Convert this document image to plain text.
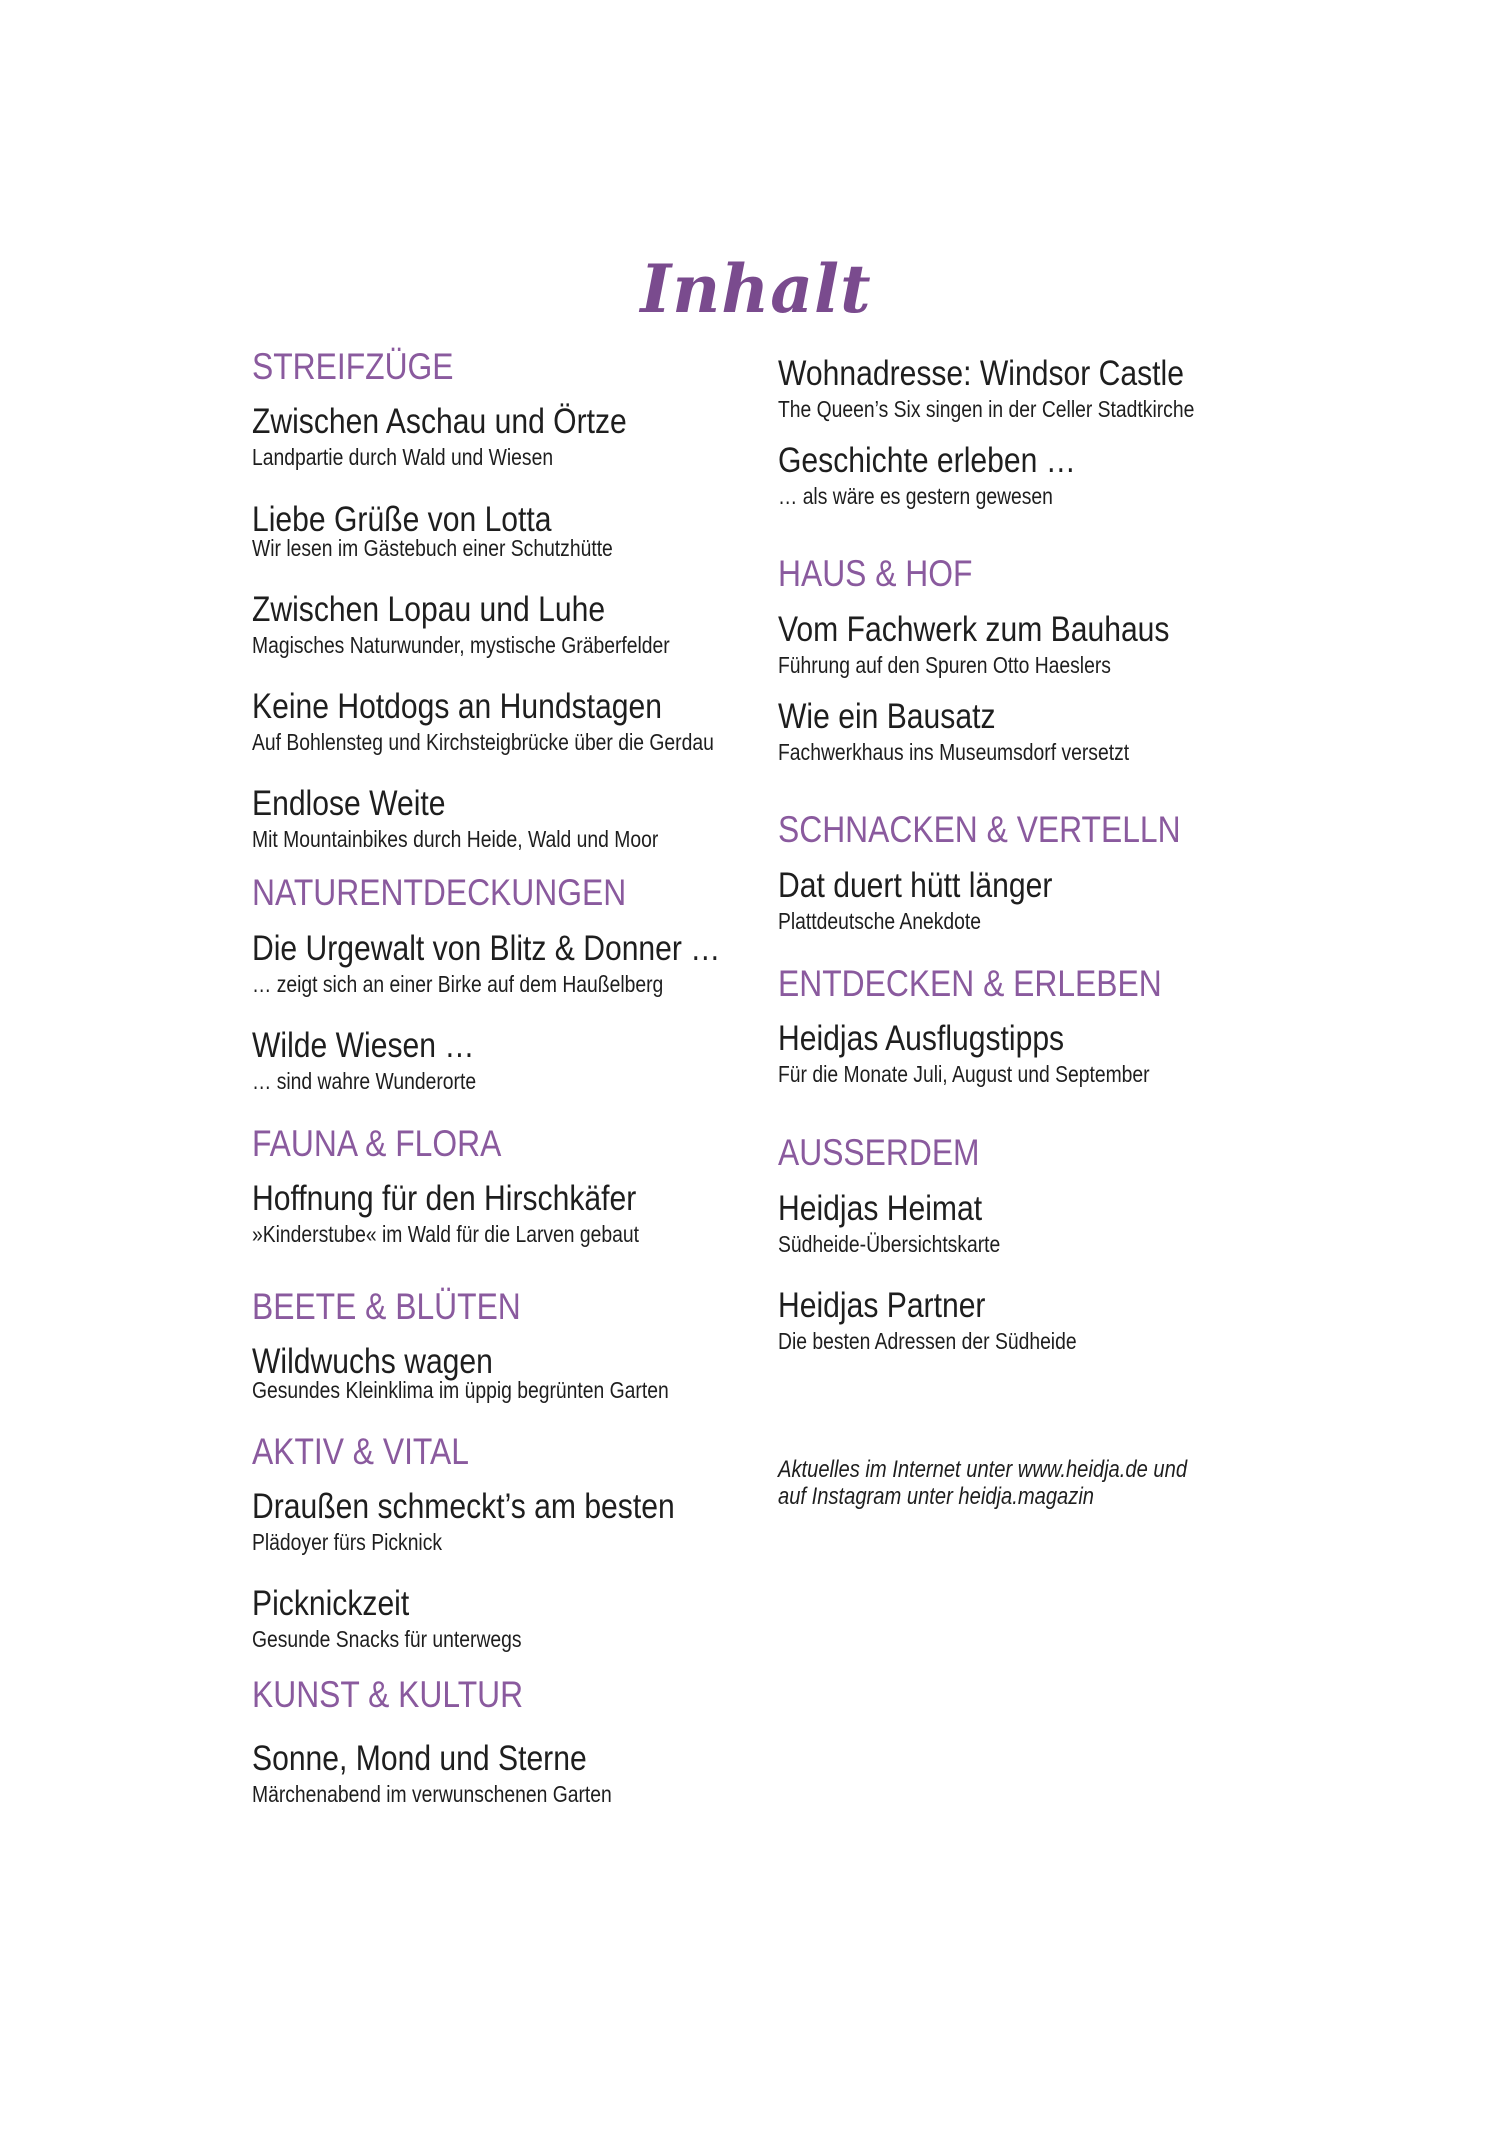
Inhalt
STREIFZÜGE
Zwischen Aschau und Örtze
Landpartie durch Wald und Wiesen
Liebe Grüße von Lotta
Wir lesen im Gästebuch einer Schutzhütte
Zwischen Lopau und Luhe
Magisches Naturwunder, mystische Gräberfelder
Keine Hotdogs an Hundstagen
Auf Bohlensteg und Kirchsteigbrücke über die Gerdau
Endlose Weite
Mit Mountainbikes durch Heide, Wald und Moor
NATURENTDECKUNGEN
Die Urgewalt von Blitz & Donner …
… zeigt sich an einer Birke auf dem Haußelberg
Wilde Wiesen …
… sind wahre Wunderorte
FAUNA & FLORA
Hoffnung für den Hirschkäfer
»Kinderstube« im Wald für die Larven gebaut
BEETE & BLÜTEN
Wildwuchs wagen
Gesundes Kleinklima im üppig begrünten Garten
AKTIV & VITAL
Draußen schmeckt’s am besten
Plädoyer fürs Picknick
Picknickzeit
Gesunde Snacks für unterwegs
KUNST & KULTUR
Sonne, Mond und Sterne
Märchenabend im verwunschenen Garten
Wohnadresse: Windsor Castle
The Queen’s Six singen in der Celler Stadtkirche
Geschichte erleben …
… als wäre es gestern gewesen
HAUS & HOF
Vom Fachwerk zum Bauhaus
Führung auf den Spuren Otto Haeslers
Wie ein Bausatz
Fachwerkhaus ins Museumsdorf versetzt
SCHNACKEN & VERTELLN
Dat duert hütt länger
Plattdeutsche Anekdote
ENTDECKEN & ERLEBEN
Heidjas Ausflugstipps
Für die Monate Juli, August und September
AUSSERDEM
Heidjas Heimat
Südheide-Übersichtskarte
Heidjas Partner
Die besten Adressen der Südheide
Aktuelles im Internet unter www.heidja.de und
auf Instagram unter heidja.magazin
